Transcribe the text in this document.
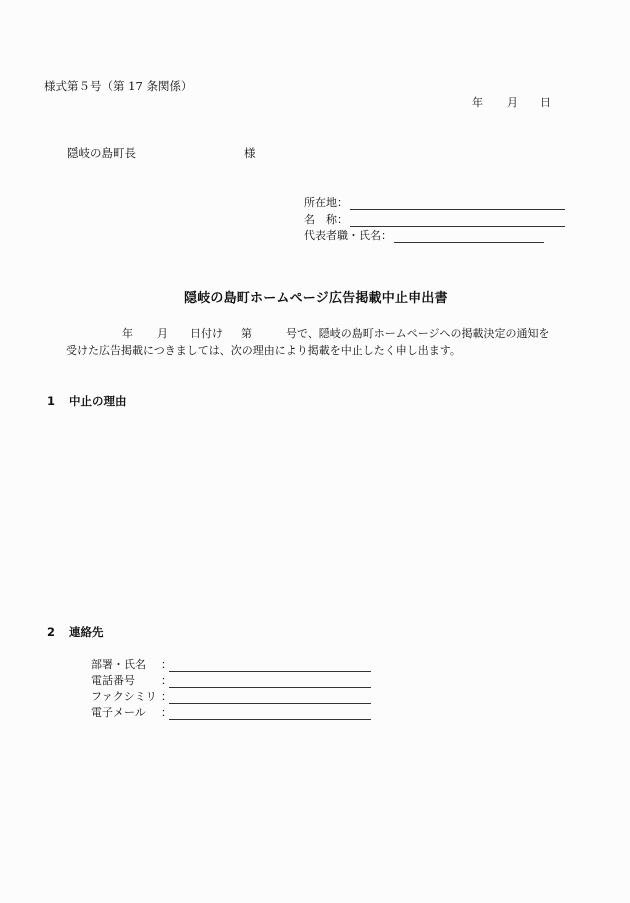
様式第５号（第 17 条関係）
年 月 日
隠岐の島町長	様
所在地：
名　称：
代表者職・氏名：
隠岐の島町ホームページ広告掲載中止申出書
年 月 日付け 第	号で、隠岐の島町ホームページへの掲載決定の通知を
受けた広告掲載につきましては、次の理由により掲載を中止したく申し出ます。
1 中止の理由
2 連絡先
部署・氏名	：
電話番号	：
ファクシミリ ：
電子メール	：
